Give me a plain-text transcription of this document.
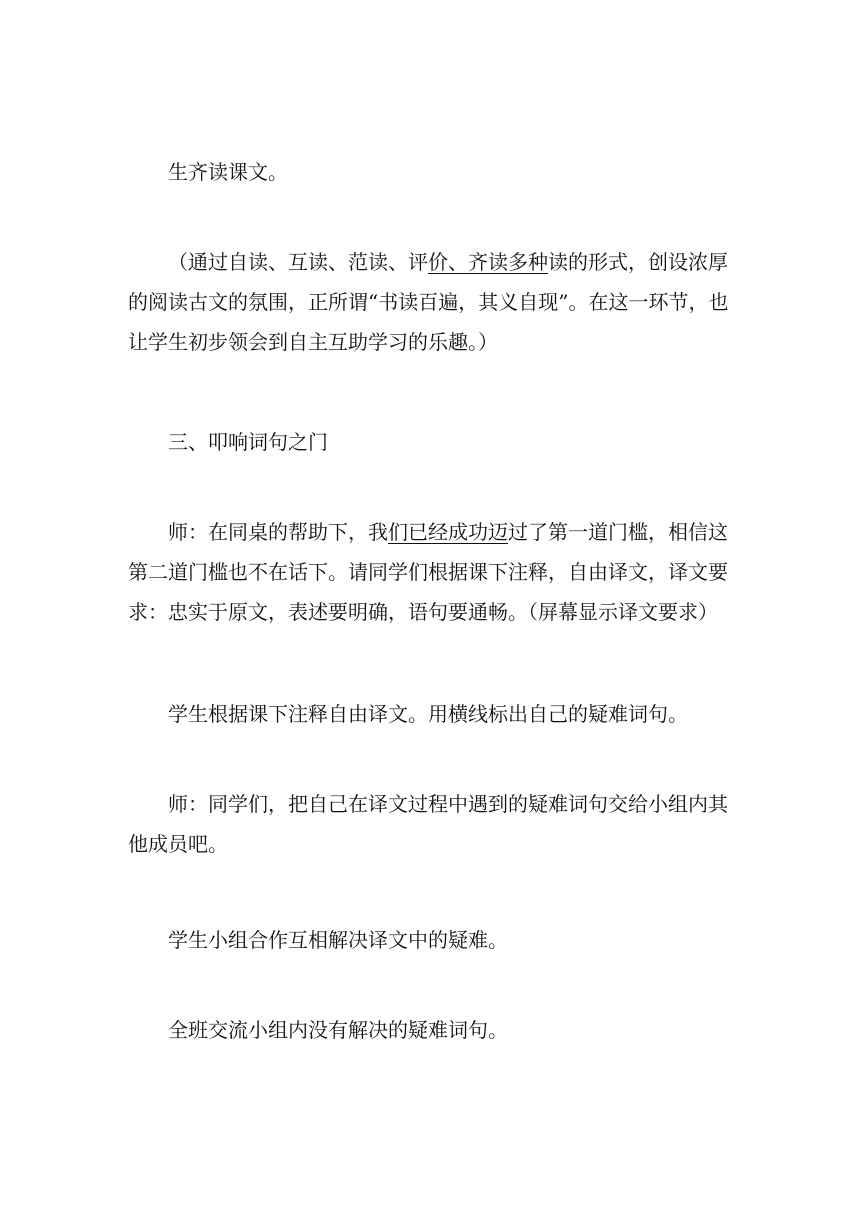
生齐读课文。

（通过自读、互读、范读、评价、齐读多种读的形式，创设浓厚的阅读古文的氛围，正所谓“书读百遍，其义自现”。在这一环节，也让学生初步领会到自主互助学习的乐趣。）

三、叩响词句之门

师：在同桌的帮助下，我们已经成功迈过了第一道门槛，相信这第二道门槛也不在话下。请同学们根据课下注释，自由译文，译文要求：忠实于原文，表述要明确，语句要通畅。（屏幕显示译文要求）

学生根据课下注释自由译文。用横线标出自己的疑难词句。

师：同学们，把自己在译文过程中遇到的疑难词句交给小组内其他成员吧。

学生小组合作互相解决译文中的疑难。

全班交流小组内没有解决的疑难词句。
